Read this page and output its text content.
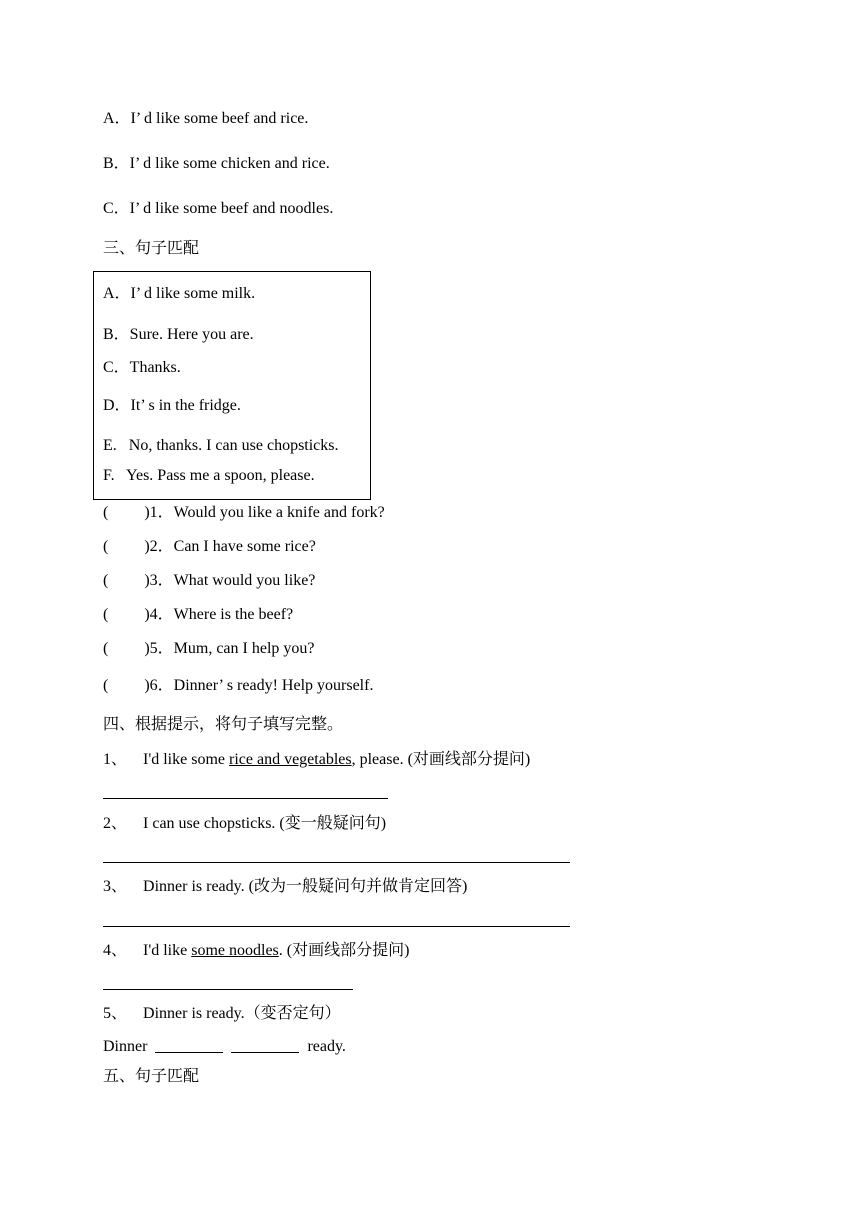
A．I’ d like some beef and rice.
B．I’ d like some chicken and rice.
C．I’ d like some beef and noodles.
三、句子匹配
A．I’ d like some milk.
B．Sure. Here you are.
C．Thanks.
D．It’ s in the fridge.
E.   No, thanks. I can use chopsticks.
F.   Yes. Pass me a spoon, please.
(         )1．Would you like a knife and fork?
(         )2．Can I have some rice?
(         )3．What would you like?
(         )4．Where is the beef?
(         )5．Mum, can I help you?
(         )6．Dinner’ s ready! Help yourself.
四、根据提示，将句子填写完整。
1、 I'd like some rice and vegetables, please. (对画线部分提问)
2、 I can use chopsticks. (变一般疑问句)
3、 Dinner is ready. (改为一般疑问句并做肯定回答)
4、 I'd like some noodles. (对画线部分提问)
5、 Dinner is ready.（变否定句）
Dinner	ready.
五、句子匹配
